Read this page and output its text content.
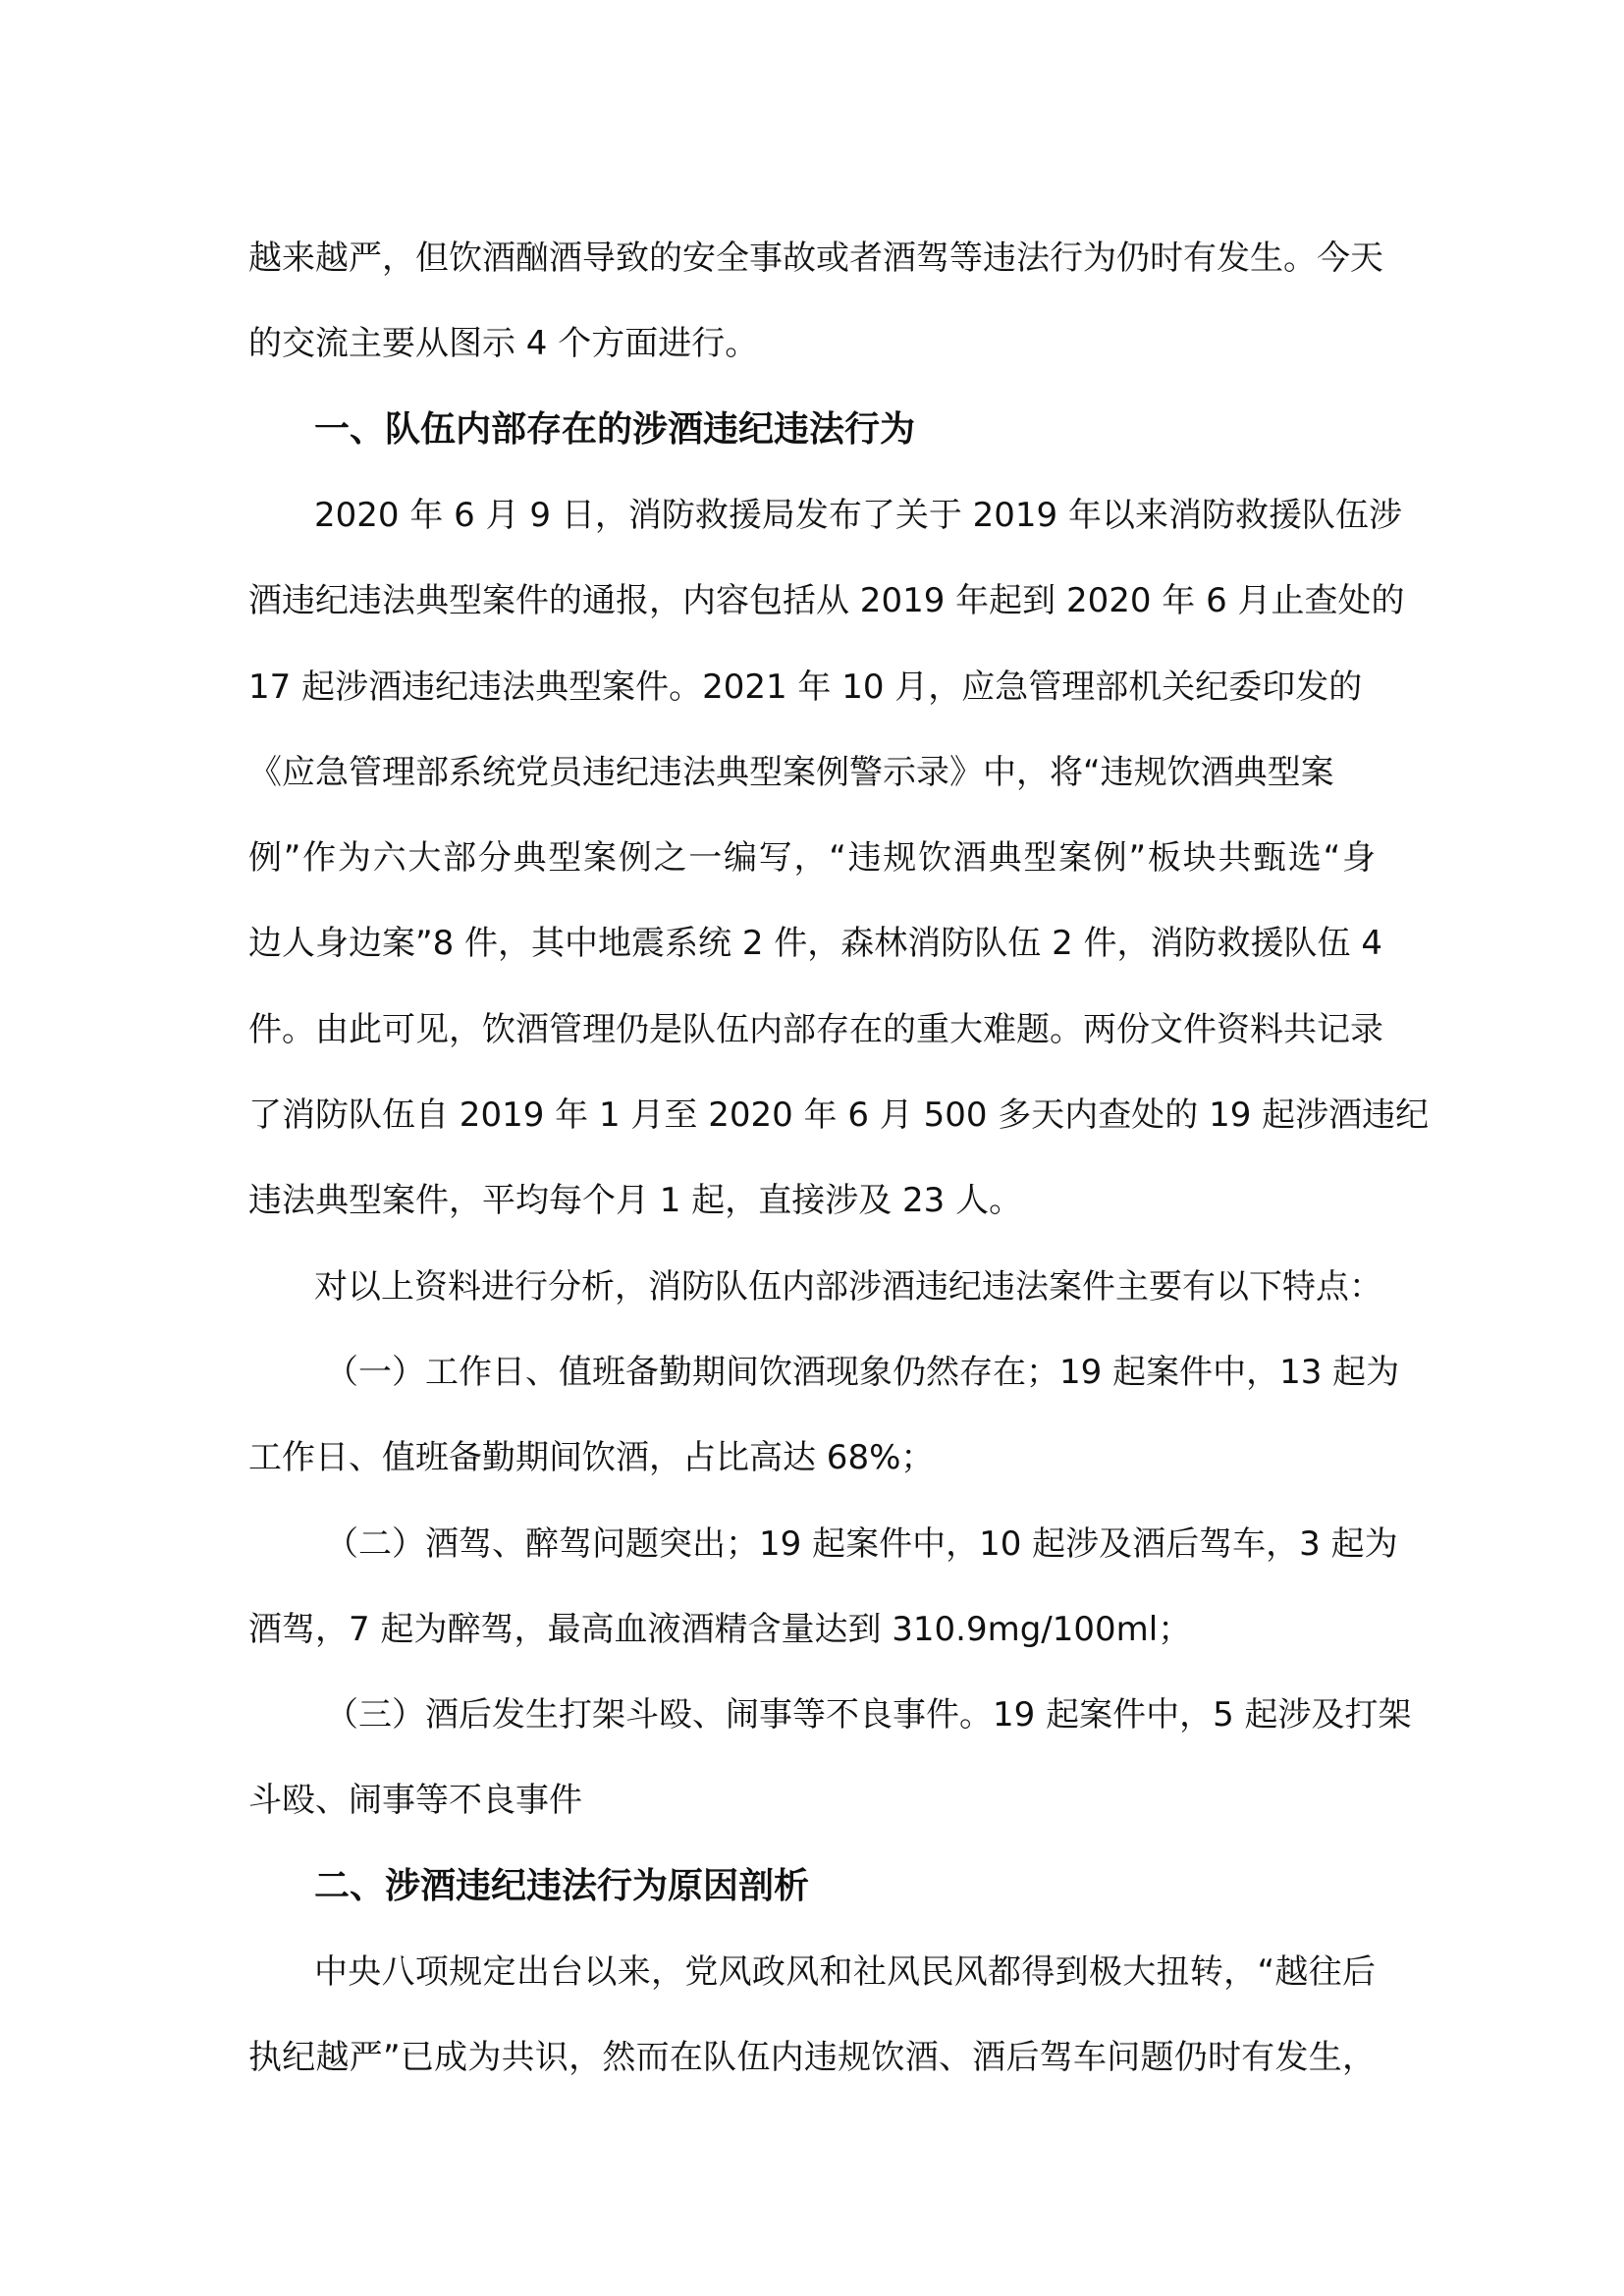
越来越严，但饮酒酗酒导致的安全事故或者酒驾等违法行为仍时有发生。今天
的交流主要从图示 4 个方面进行。
一、队伍内部存在的涉酒违纪违法行为
2020 年 6 月 9 日，消防救援局发布了关于 2019 年以来消防救援队伍涉
酒违纪违法典型案件的通报，内容包括从 2019 年起到 2020 年 6 月止查处的
17 起涉酒违纪违法典型案件。2021 年 10 月，应急管理部机关纪委印发的
《应急管理部系统党员违纪违法典型案例警示录》中，将“违规饮酒典型案
例”作为六大部分典型案例之一编写，“违规饮酒典型案例”板块共甄选“身
边人身边案”8 件，其中地震系统 2 件，森林消防队伍 2 件，消防救援队伍 4
件。由此可见，饮酒管理仍是队伍内部存在的重大难题。两份文件资料共记录
了消防队伍自 2019 年 1 月至 2020 年 6 月 500 多天内查处的 19 起涉酒违纪
违法典型案件，平均每个月 1 起，直接涉及 23 人。
对以上资料进行分析，消防队伍内部涉酒违纪违法案件主要有以下特点：
（一）工作日、值班备勤期间饮酒现象仍然存在；19 起案件中，13 起为
工作日、值班备勤期间饮酒，占比高达 68%；
（二）酒驾、醉驾问题突出；19 起案件中，10 起涉及酒后驾车，3 起为
酒驾，7 起为醉驾，最高血液酒精含量达到 310.9mg/100ml；
（三）酒后发生打架斗殴、闹事等不良事件。19 起案件中，5 起涉及打架
斗殴、闹事等不良事件
二、涉酒违纪违法行为原因剖析
中央八项规定出台以来，党风政风和社风民风都得到极大扭转，“越往后
执纪越严”已成为共识，然而在队伍内违规饮酒、酒后驾车问题仍时有发生，
